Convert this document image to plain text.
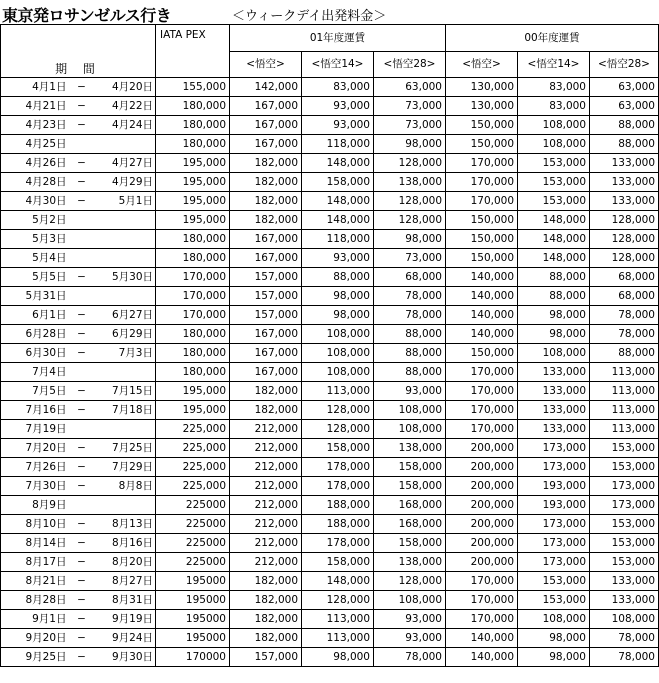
東京発ロサンゼルス行き	＜ウィークデイ出発料金＞
期 間			IATA PEX	01年度運賃			00年度運賃		
				<悟空>	<悟空14>	<悟空28>	<悟空>	<悟空14>	<悟空28>
4月1日	−	4月20日	155,000	142,000	83,000	63,000	130,000	83,000	63,000
4月21日	−	4月22日	180,000	167,000	93,000	73,000	130,000	83,000	63,000
4月23日	−	4月24日	180,000	167,000	93,000	73,000	150,000	108,000	88,000
4月25日			180,000	167,000	118,000	98,000	150,000	108,000	88,000
4月26日	−	4月27日	195,000	182,000	148,000	128,000	170,000	153,000	133,000
4月28日	−	4月29日	195,000	182,000	158,000	138,000	170,000	153,000	133,000
4月30日	−	5月1日	195,000	182,000	148,000	128,000	170,000	153,000	133,000
5月2日			195,000	182,000	148,000	128,000	150,000	148,000	128,000
5月3日			180,000	167,000	118,000	98,000	150,000	148,000	128,000
5月4日			180,000	167,000	93,000	73,000	150,000	148,000	128,000
5月5日	−	5月30日	170,000	157,000	88,000	68,000	140,000	88,000	68,000
5月31日			170,000	157,000	98,000	78,000	140,000	88,000	68,000
6月1日	−	6月27日	170,000	157,000	98,000	78,000	140,000	98,000	78,000
6月28日	−	6月29日	180,000	167,000	108,000	88,000	140,000	98,000	78,000
6月30日	−	7月3日	180,000	167,000	108,000	88,000	150,000	108,000	88,000
7月4日			180,000	167,000	108,000	88,000	170,000	133,000	113,000
7月5日	−	7月15日	195,000	182,000	113,000	93,000	170,000	133,000	113,000
7月16日	−	7月18日	195,000	182,000	128,000	108,000	170,000	133,000	113,000
7月19日			225,000	212,000	128,000	108,000	170,000	133,000	113,000
7月20日	−	7月25日	225,000	212,000	158,000	138,000	200,000	173,000	153,000
7月26日	−	7月29日	225,000	212,000	178,000	158,000	200,000	173,000	153,000
7月30日	−	8月8日	225,000	212,000	178,000	158,000	200,000	193,000	173,000
8月9日			225000	212,000	188,000	168,000	200,000	193,000	173,000
8月10日	−	8月13日	225000	212,000	188,000	168,000	200,000	173,000	153,000
8月14日	−	8月16日	225000	212,000	178,000	158,000	200,000	173,000	153,000
8月17日	−	8月20日	225000	212,000	158,000	138,000	200,000	173,000	153,000
8月21日	−	8月27日	195000	182,000	148,000	128,000	170,000	153,000	133,000
8月28日	−	8月31日	195000	182,000	128,000	108,000	170,000	153,000	133,000
9月1日	−	9月19日	195000	182,000	113,000	93,000	170,000	108,000	108,000
9月20日	−	9月24日	195000	182,000	113,000	93,000	140,000	98,000	78,000
9月25日	−	9月30日	170000	157,000	98,000	78,000	140,000	98,000	78,000
